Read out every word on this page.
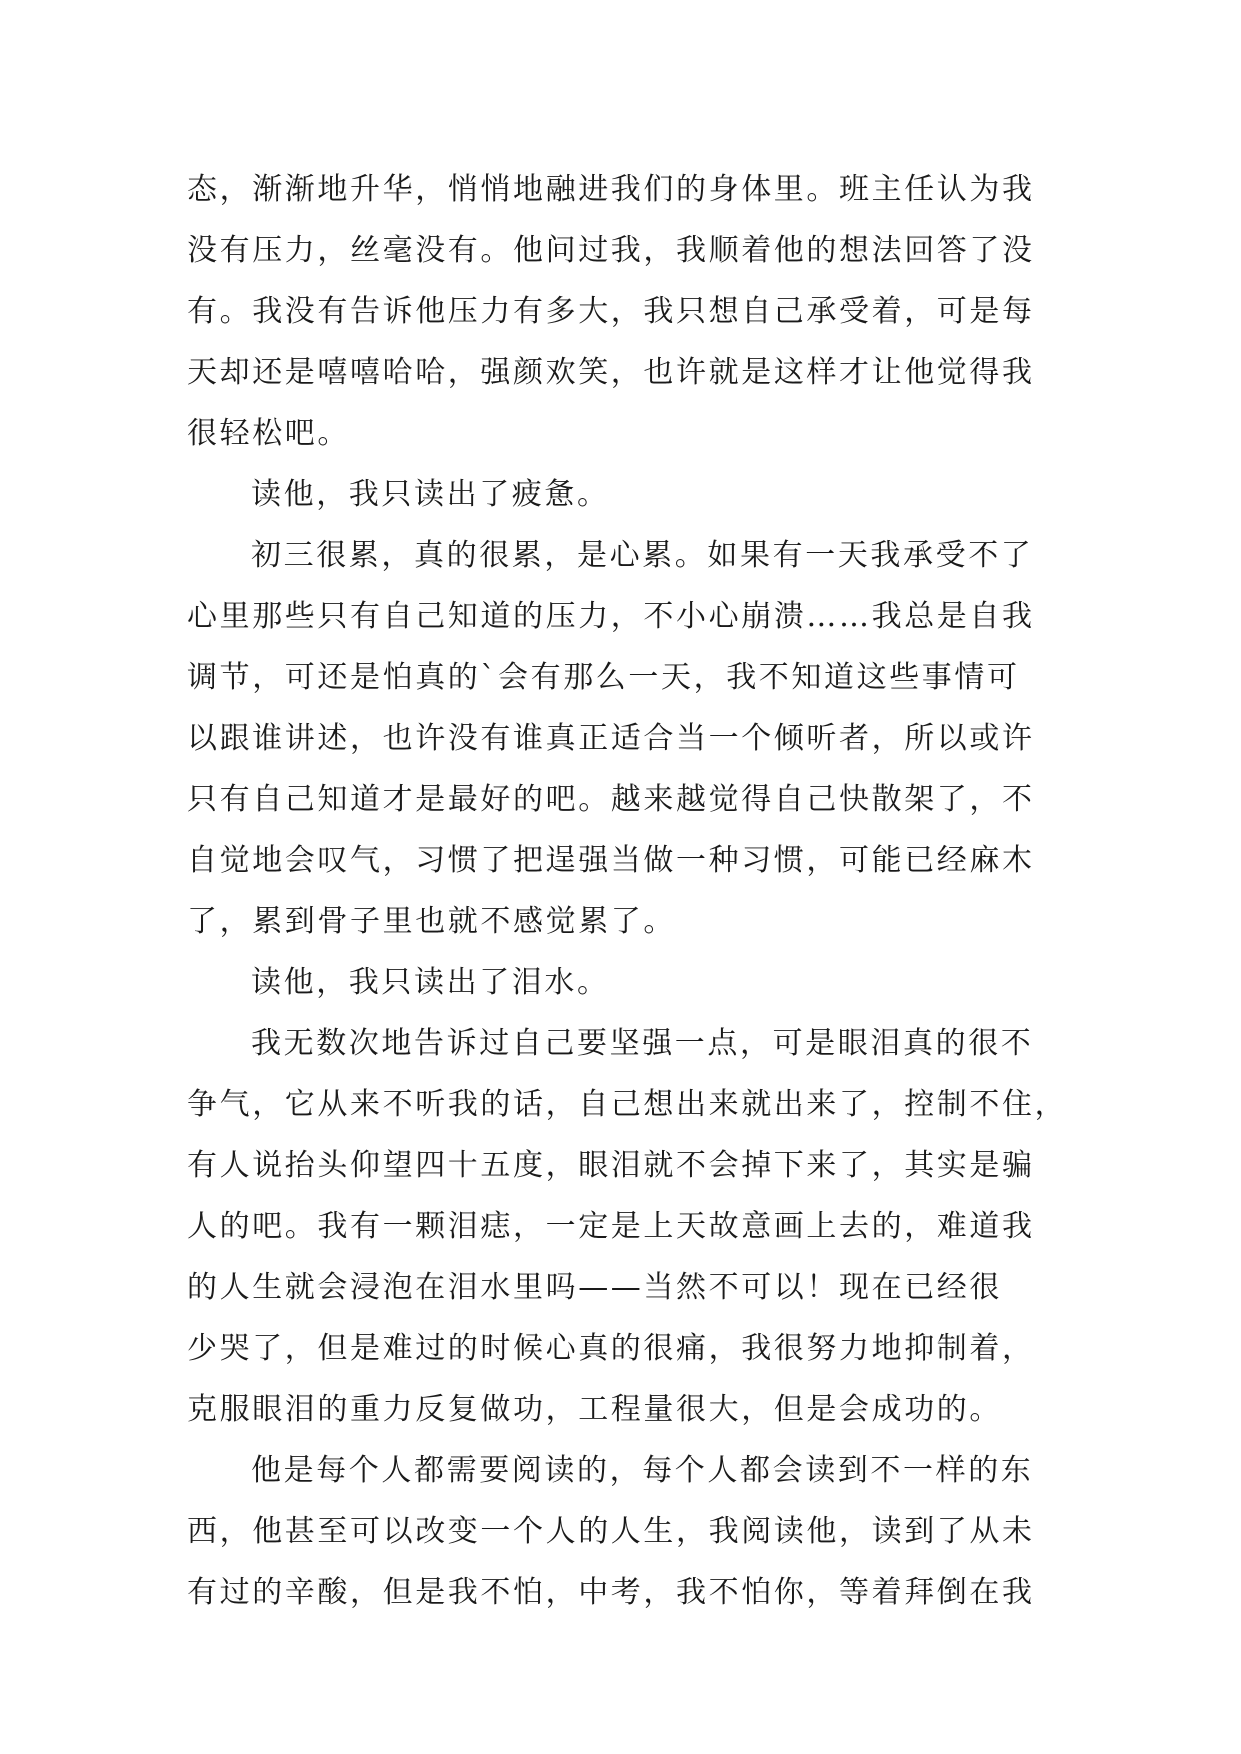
态，渐渐地升华，悄悄地融进我们的身体里。班主任认为我
没有压力，丝毫没有。他问过我，我顺着他的想法回答了没
有。我没有告诉他压力有多大，我只想自己承受着，可是每
天却还是嘻嘻哈哈，强颜欢笑，也许就是这样才让他觉得我
很轻松吧。
读他，我只读出了疲惫。
初三很累，真的很累，是心累。如果有一天我承受不了
心里那些只有自己知道的压力，不小心崩溃……我总是自我
调节，可还是怕真的`会有那么一天，我不知道这些事情可
以跟谁讲述，也许没有谁真正适合当一个倾听者，所以或许
只有自己知道才是最好的吧。越来越觉得自己快散架了，不
自觉地会叹气，习惯了把逞强当做一种习惯，可能已经麻木
了，累到骨子里也就不感觉累了。
读他，我只读出了泪水。
我无数次地告诉过自己要坚强一点，可是眼泪真的很不
争气，它从来不听我的话，自己想出来就出来了，控制不住，
有人说抬头仰望四十五度，眼泪就不会掉下来了，其实是骗
人的吧。我有一颗泪痣，一定是上天故意画上去的，难道我
的人生就会浸泡在泪水里吗——当然不可以！现在已经很
少哭了，但是难过的时候心真的很痛，我很努力地抑制着，
克服眼泪的重力反复做功，工程量很大，但是会成功的。
他是每个人都需要阅读的，每个人都会读到不一样的东
西，他甚至可以改变一个人的人生，我阅读他，读到了从未
有过的辛酸，但是我不怕，中考，我不怕你，等着拜倒在我
